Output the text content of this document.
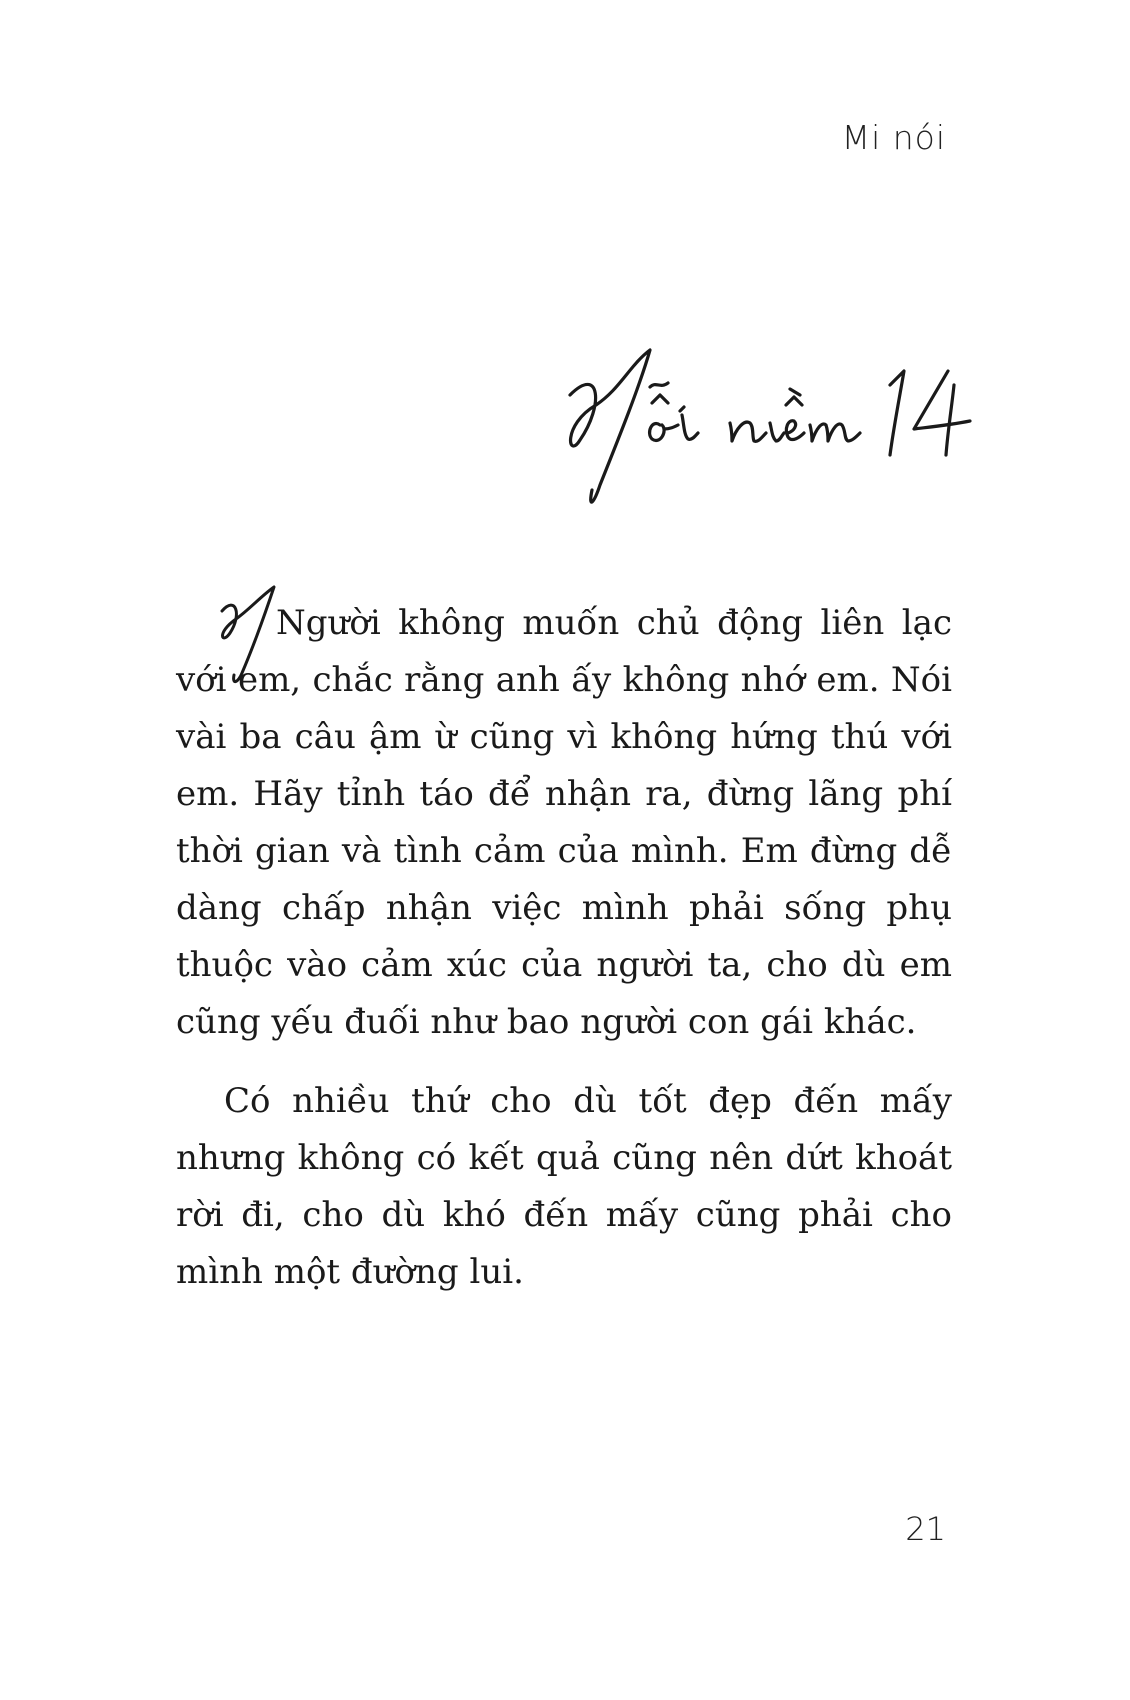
Mi nói

Người không muốn chủ động liên lạc với em, chắc rằng anh ấy không nhớ em. Nói vài ba câu ậm ừ cũng vì không hứng thú với em. Hãy tỉnh táo để nhận ra, đừng lãng phí thời gian và tình cảm của mình. Em đừng dễ dàng chấp nhận việc mình phải sống phụ thuộc vào cảm xúc của người ta, cho dù em cũng yếu đuối như bao người con gái khác.

Có nhiều thứ cho dù tốt đẹp đến mấy nhưng không có kết quả cũng nên dứt khoát rời đi, cho dù khó đến mấy cũng phải cho mình một đường lui.

21
